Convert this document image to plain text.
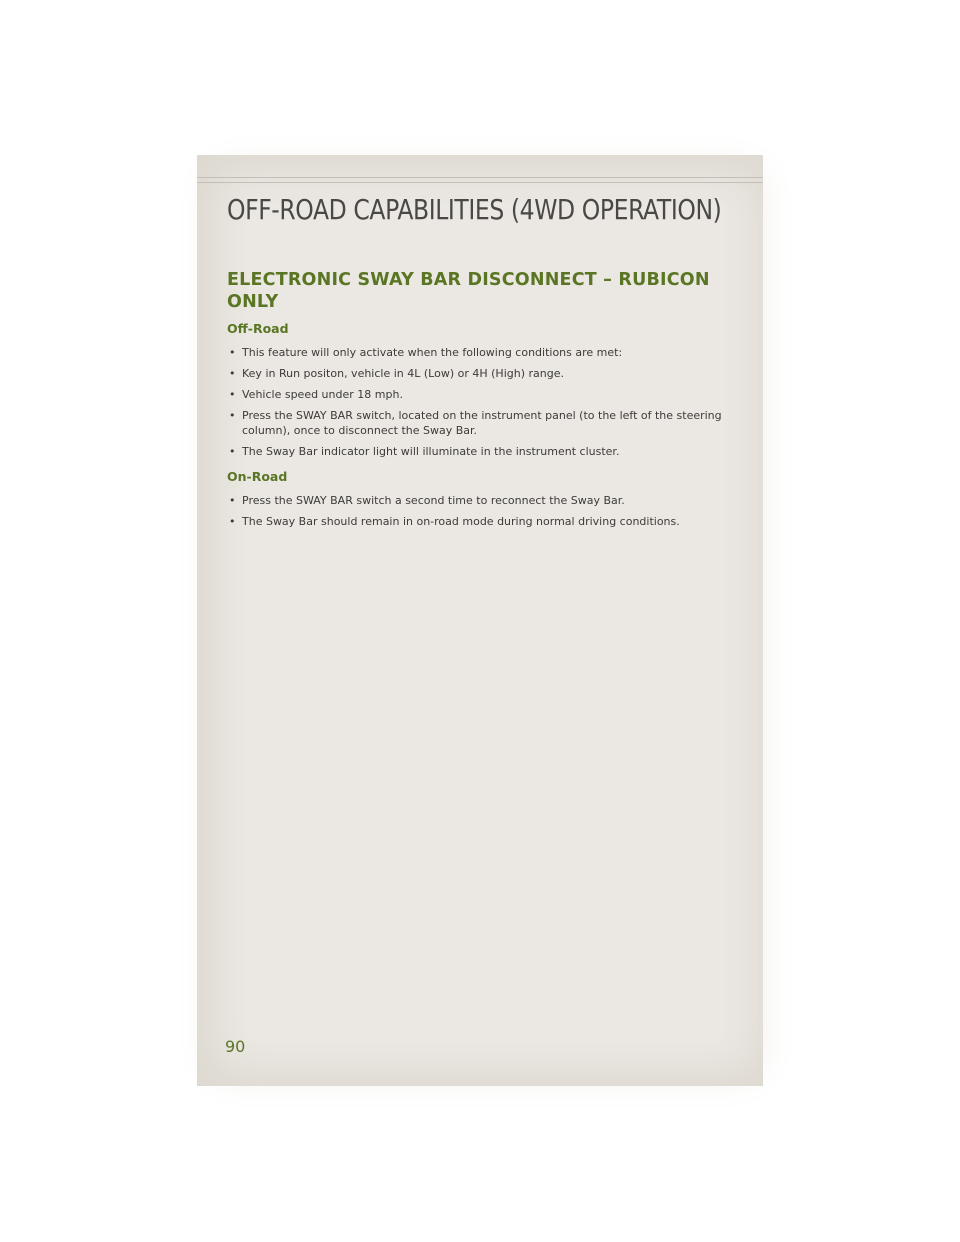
OFF-ROAD CAPABILITIES (4WD OPERATION)
ELECTRONIC SWAY BAR DISCONNECT – RUBICON ONLY
Off-Road
• This feature will only activate when the following conditions are met:
• Key in Run positon, vehicle in 4L (Low) or 4H (High) range.
• Vehicle speed under 18 mph.
• Press the SWAY BAR switch, located on the instrument panel (to the left of the steering column), once to disconnect the Sway Bar.
• The Sway Bar indicator light will illuminate in the instrument cluster.
On-Road
• Press the SWAY BAR switch a second time to reconnect the Sway Bar.
• The Sway Bar should remain in on-road mode during normal driving conditions.
90
